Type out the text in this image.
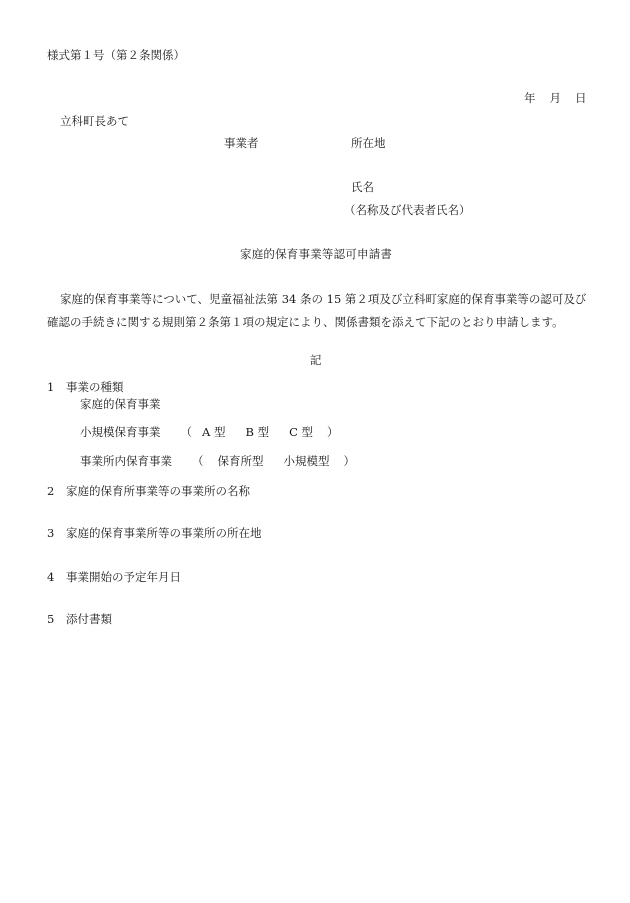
様式第１号（第２条関係）
年 月 日
立科町長あて
事業者	所在地
氏名
（名称及び代表者氏名）
家庭的保育事業等認可申請書
家庭的保育事業等について、児童福祉法第 34 条の 15 第２項及び立科町家庭的保育事業等の認可及び
確認の手続きに関する規則第２条第１項の規定により、関係書類を添えて下記のとおり申請します。
記
1 事業の種類
家庭的保育事業
小規模保育事業 （ A 型 B 型 C 型 ）
事業所内保育事業 （ 保育所型 小規模型 ）
2 家庭的保育所事業等の事業所の名称
3 家庭的保育事業所等の事業所の所在地
4 事業開始の予定年月日
5 添付書類
